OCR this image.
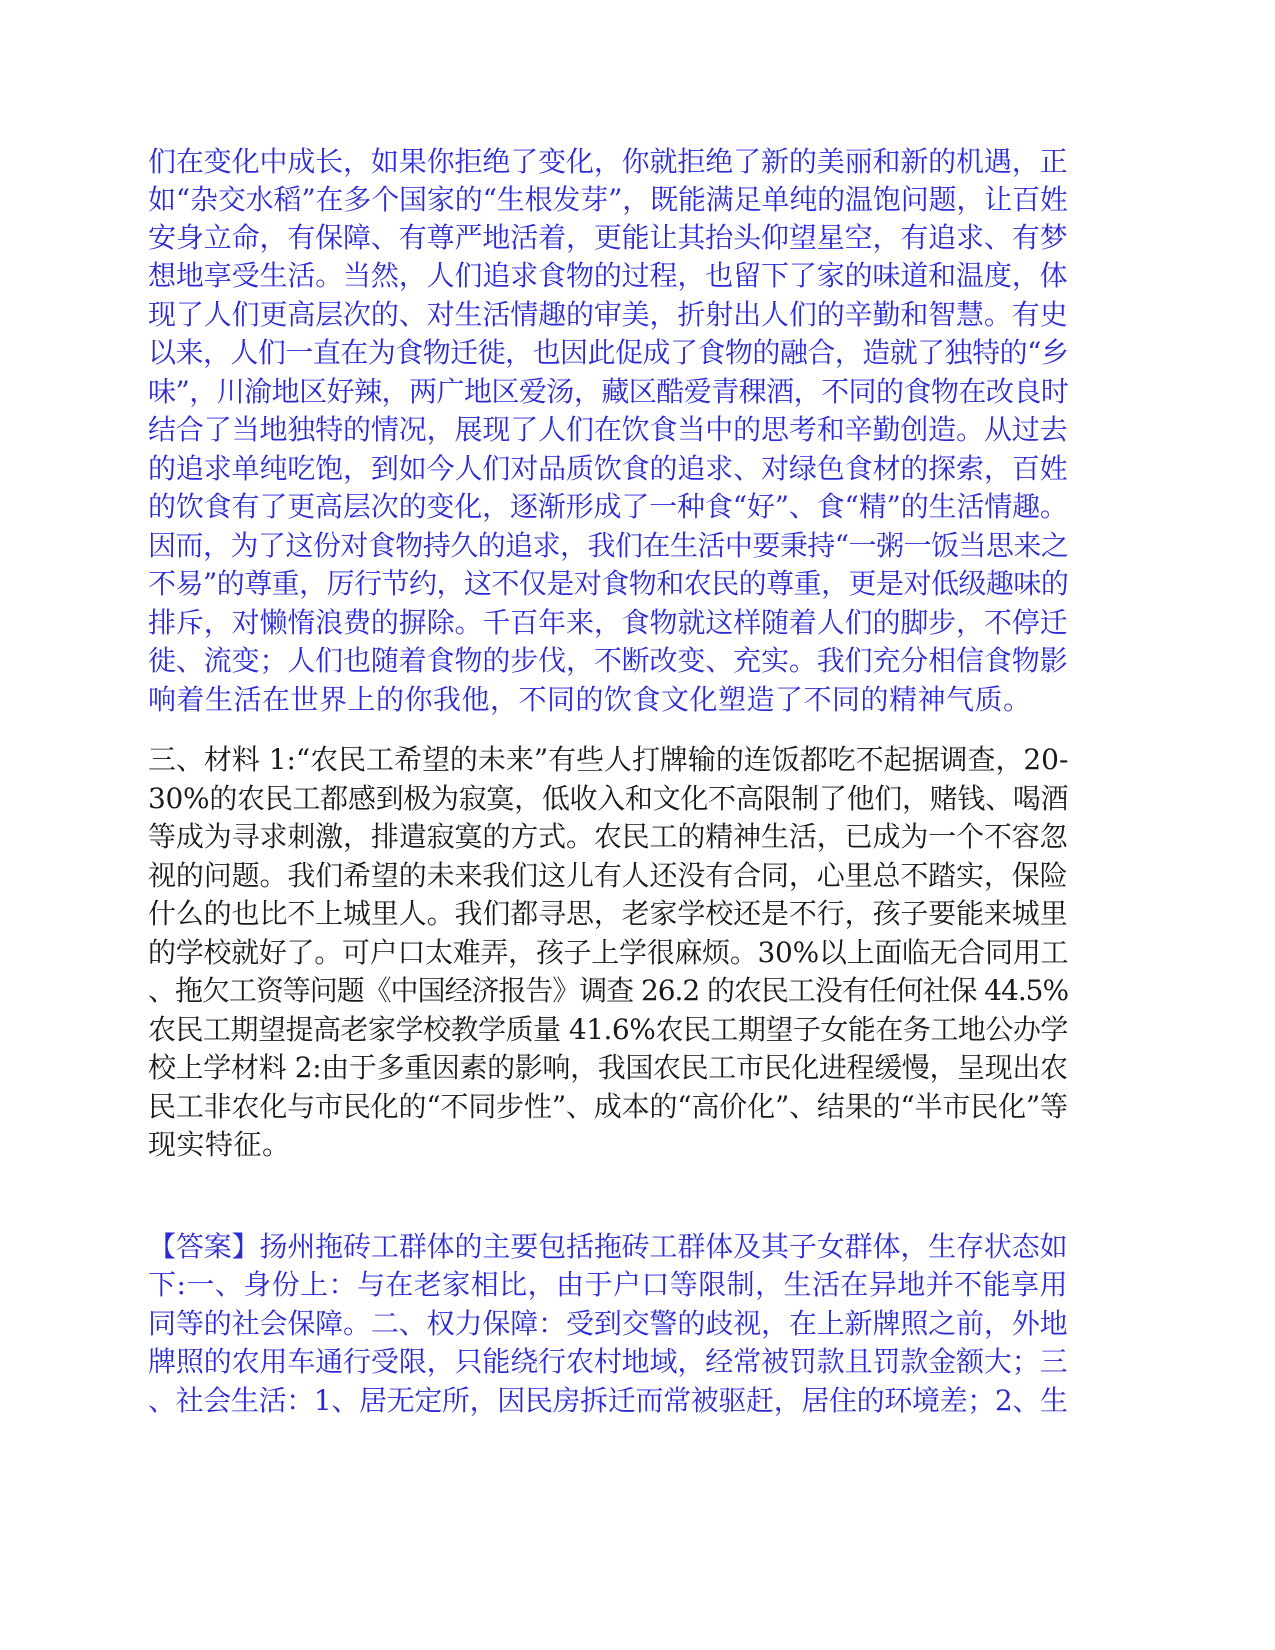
们在变化中成长，如果你拒绝了变化，你就拒绝了新的美丽和新的机遇，正
如“杂交水稻”在多个国家的“生根发芽”，既能满足单纯的温饱问题，让百姓
安身立命，有保障、有尊严地活着，更能让其抬头仰望星空，有追求、有梦
想地享受生活。当然，人们追求食物的过程，也留下了家的味道和温度，体
现了人们更高层次的、对生活情趣的审美，折射出人们的辛勤和智慧。有史
以来，人们一直在为食物迁徙，也因此促成了食物的融合，造就了独特的“乡
味”，川渝地区好辣，两广地区爱汤，藏区酷爱青稞酒，不同的食物在改良时
结合了当地独特的情况，展现了人们在饮食当中的思考和辛勤创造。从过去
的追求单纯吃饱，到如今人们对品质饮食的追求、对绿色食材的探索，百姓
的饮食有了更高层次的变化，逐渐形成了一种食“好”、食“精”的生活情趣。
因而，为了这份对食物持久的追求，我们在生活中要秉持“一粥一饭当思来之
不易”的尊重，厉行节约，这不仅是对食物和农民的尊重，更是对低级趣味的
排斥，对懒惰浪费的摒除。千百年来，食物就这样随着人们的脚步，不停迁
徙、流变；人们也随着食物的步伐，不断改变、充实。我们充分相信食物影
响着生活在世界上的你我他，不同的饮食文化塑造了不同的精神气质。
三、材料 1:“农民工希望的未来”有些人打牌输的连饭都吃不起据调查，20-
30%的农民工都感到极为寂寞，低收入和文化不高限制了他们，赌钱、喝酒
等成为寻求刺激，排遣寂寞的方式。农民工的精神生活，已成为一个不容忽
视的问题。我们希望的未来我们这儿有人还没有合同，心里总不踏实，保险
什么的也比不上城里人。我们都寻思，老家学校还是不行，孩子要能来城里
的学校就好了。可户口太难弄，孩子上学很麻烦。30%以上面临无合同用工
、拖欠工资等问题《中国经济报告》调查 26.2 的农民工没有任何社保 44.5%
农民工期望提高老家学校教学质量 41.6%农民工期望子女能在务工地公办学
校上学材料 2:由于多重因素的影响，我国农民工市民化进程缓慢，呈现出农
民工非农化与市民化的“不同步性”、成本的“高价化”、结果的“半市民化”等
现实特征。
【答案】扬州拖砖工群体的主要包括拖砖工群体及其子女群体，生存状态如
下:一、身份上：与在老家相比，由于户口等限制，生活在异地并不能享用
同等的社会保障。二、权力保障：受到交警的歧视，在上新牌照之前，外地
牌照的农用车通行受限，只能绕行农村地域，经常被罚款且罚款金额大；三
、社会生活：1、居无定所，因民房拆迁而常被驱赶，居住的环境差；2、生
